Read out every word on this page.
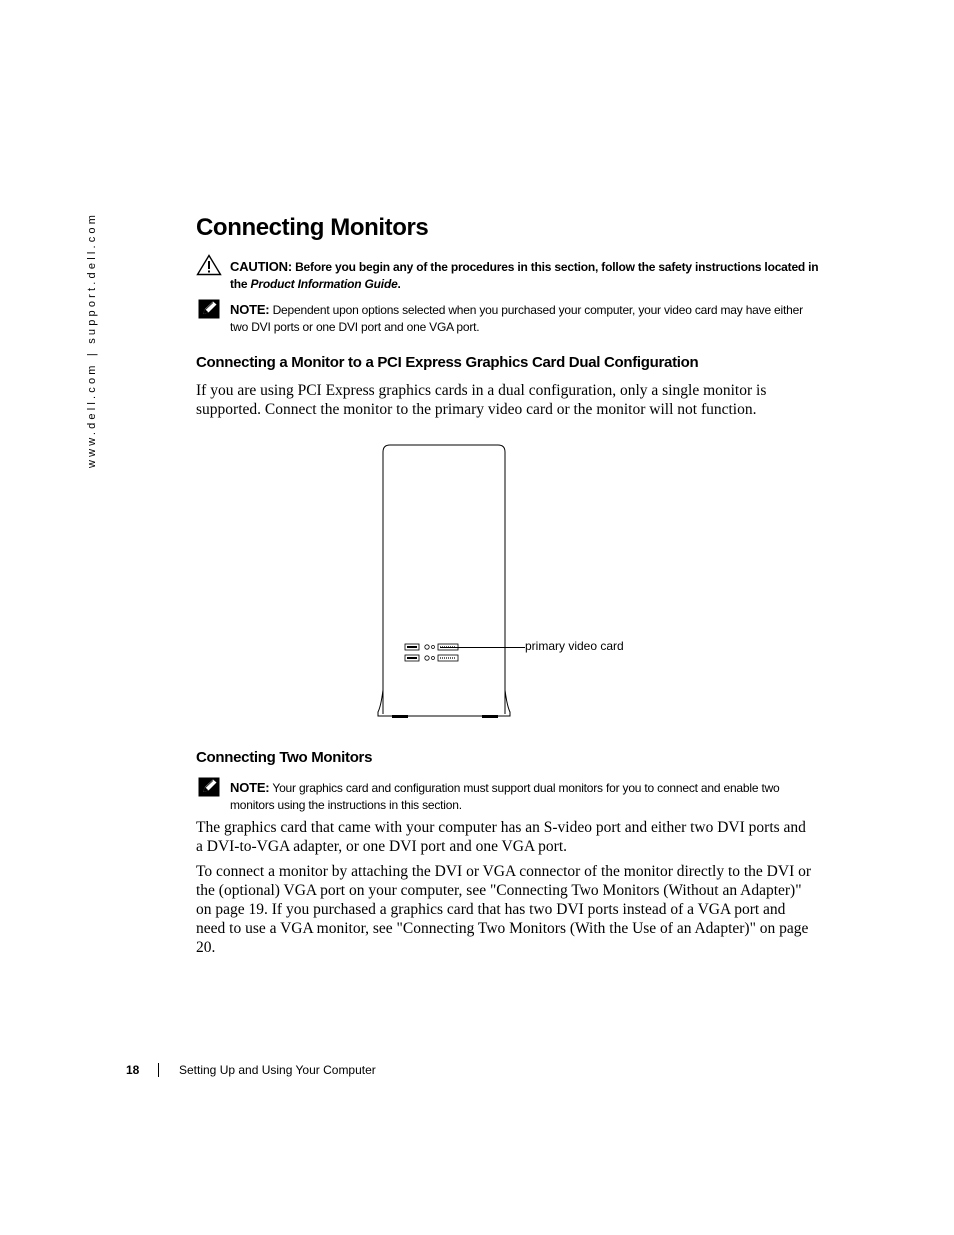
www.dell.com | support.dell.com	Connecting Monitors
CAUTION: Before you begin any of the procedures in this section, follow the safety instructions located in the Product Information Guide.
NOTE: Dependent upon options selected when you purchased your computer, your video card may have either two DVI ports or one DVI port and one VGA port.
Connecting a Monitor to a PCI Express Graphics Card Dual Configuration

If you are using PCI Express graphics cards in a dual configuration, only a single monitor is supported. Connect the monitor to the primary video card or the monitor will not function.

primary video card
Connecting Two Monitors
NOTE: Your graphics card and configuration must support dual monitors for you to connect and enable two monitors using the instructions in this section.

The graphics card that came with your computer has an S-video port and either two DVI ports and a DVI-to-VGA adapter, or one DVI port and one VGA port.

To connect a monitor by attaching the DVI or VGA connector of the monitor directly to the DVI or the (optional) VGA port on your computer, see "Connecting Two Monitors (Without an Adapter)" on page 19. If you purchased a graphics card that has two DVI ports instead of a VGA port and need to use a VGA monitor, see "Connecting Two Monitors (With the Use of an Adapter)" on page 20.

18	Setting Up and Using Your Computer
